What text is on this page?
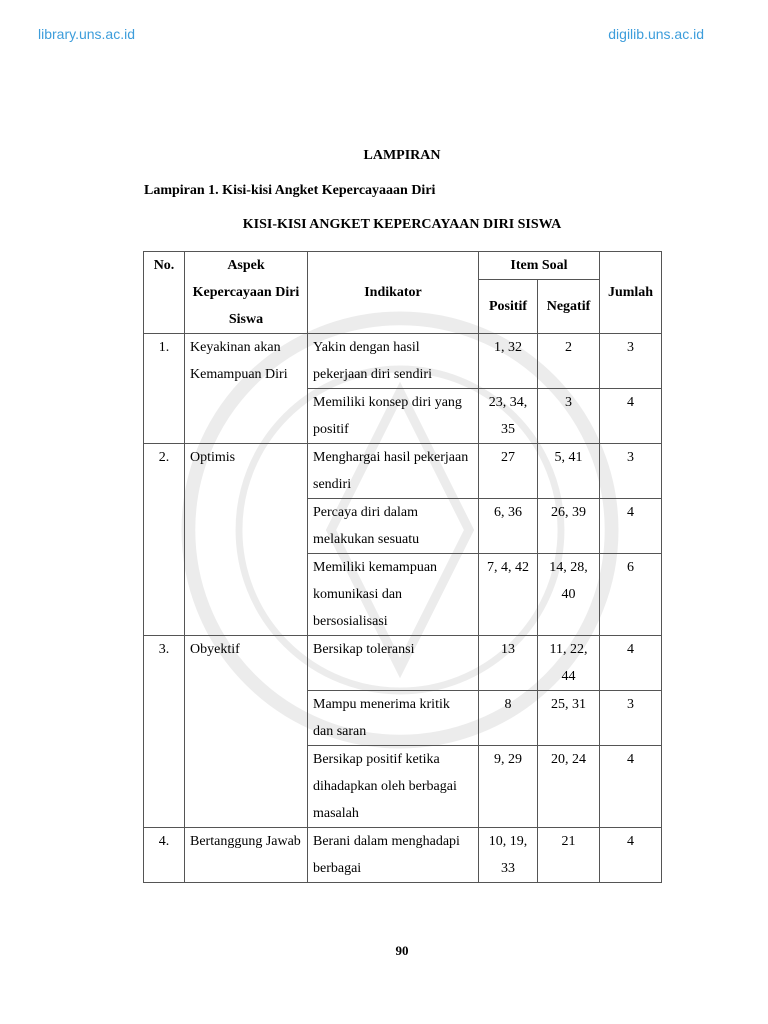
library.uns.ac.id	digilib.uns.ac.id
LAMPIRAN
Lampiran 1. Kisi-kisi Angket Kepercayaaan Diri
KISI-KISI ANGKET KEPERCAYAAN DIRI SISWA
No.	Aspek Kepercayaan Diri Siswa	Indikator	Item Soal		Jumlah
			Positif	Negatif	
1.	Keyakinan akan Kemampuan Diri	Yakin dengan hasil pekerjaan diri sendiri	1, 32	2	3
		Memiliki konsep diri yang positif	23, 34, 35	3	4
2.	Optimis	Menghargai hasil pekerjaan sendiri	27	5, 41	3
		Percaya diri dalam melakukan sesuatu	6, 36	26, 39	4
		Memiliki kemampuan komunikasi dan bersosialisasi	7, 4, 42	14, 28, 40	6
3.	Obyektif	Bersikap toleransi	13	11, 22, 44	4
		Mampu menerima kritik dan saran	8	25, 31	3
		Bersikap positif ketika dihadapkan oleh berbagai masalah	9, 29	20, 24	4
4.	Bertanggung Jawab	Berani dalam menghadapi berbagai	10, 19, 33	21	4
90
